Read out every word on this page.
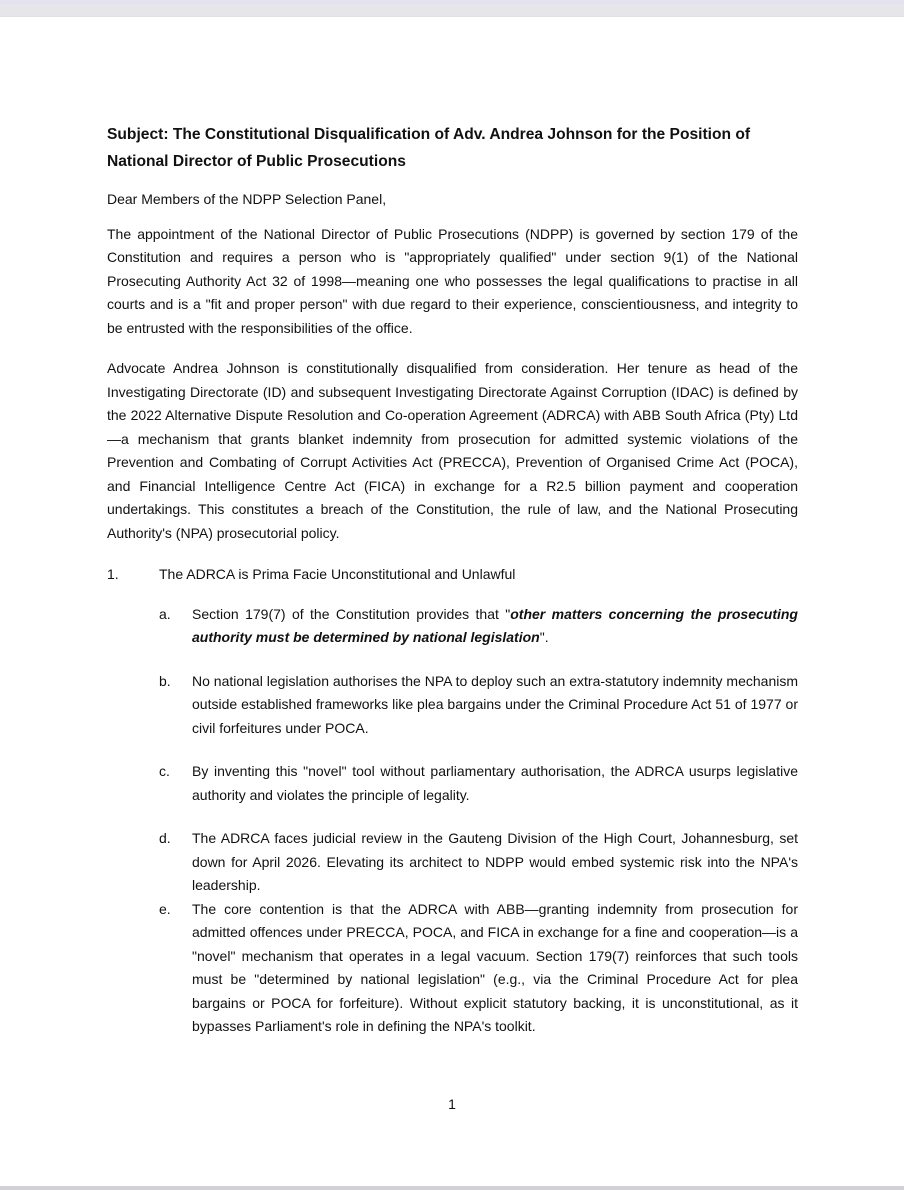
Subject: The Constitutional Disqualification of Adv. Andrea Johnson for the Position of National Director of Public Prosecutions

Dear Members of the NDPP Selection Panel,

The appointment of the National Director of Public Prosecutions (NDPP) is governed by section 179 of the Constitution and requires a person who is "appropriately qualified" under section 9(1) of the National Prosecuting Authority Act 32 of 1998—meaning one who possesses the legal qualifications to practise in all courts and is a "fit and proper person" with due regard to their experience, conscientiousness, and integrity to be entrusted with the responsibilities of the office.

Advocate Andrea Johnson is constitutionally disqualified from consideration. Her tenure as head of the Investigating Directorate (ID) and subsequent Investigating Directorate Against Corruption (IDAC) is defined by the 2022 Alternative Dispute Resolution and Co-operation Agreement (ADRCA) with ABB South Africa (Pty) Ltd—a mechanism that grants blanket indemnity from prosecution for admitted systemic violations of the Prevention and Combating of Corrupt Activities Act (PRECCA), Prevention of Organised Crime Act (POCA), and Financial Intelligence Centre Act (FICA) in exchange for a R2.5 billion payment and cooperation undertakings. This constitutes a breach of the Constitution, the rule of law, and the National Prosecuting Authority's (NPA) prosecutorial policy.

1.	The ADRCA is Prima Facie Unconstitutional and Unlawful
a.	Section 179(7) of the Constitution provides that "other matters concerning the prosecuting authority must be determined by national legislation".
b.	No national legislation authorises the NPA to deploy such an extra-statutory indemnity mechanism outside established frameworks like plea bargains under the Criminal Procedure Act 51 of 1977 or civil forfeitures under POCA.
c.	By inventing this "novel" tool without parliamentary authorisation, the ADRCA usurps legislative authority and violates the principle of legality.
d.	The ADRCA faces judicial review in the Gauteng Division of the High Court, Johannesburg, set down for April 2026. Elevating its architect to NDPP would embed systemic risk into the NPA's leadership.
e.	The core contention is that the ADRCA with ABB—granting indemnity from prosecution for admitted offences under PRECCA, POCA, and FICA in exchange for a fine and cooperation—is a "novel" mechanism that operates in a legal vacuum. Section 179(7) reinforces that such tools must be "determined by national legislation" (e.g., via the Criminal Procedure Act for plea bargains or POCA for forfeiture). Without explicit statutory backing, it is unconstitutional, as it bypasses Parliament's role in defining the NPA's toolkit.
1
